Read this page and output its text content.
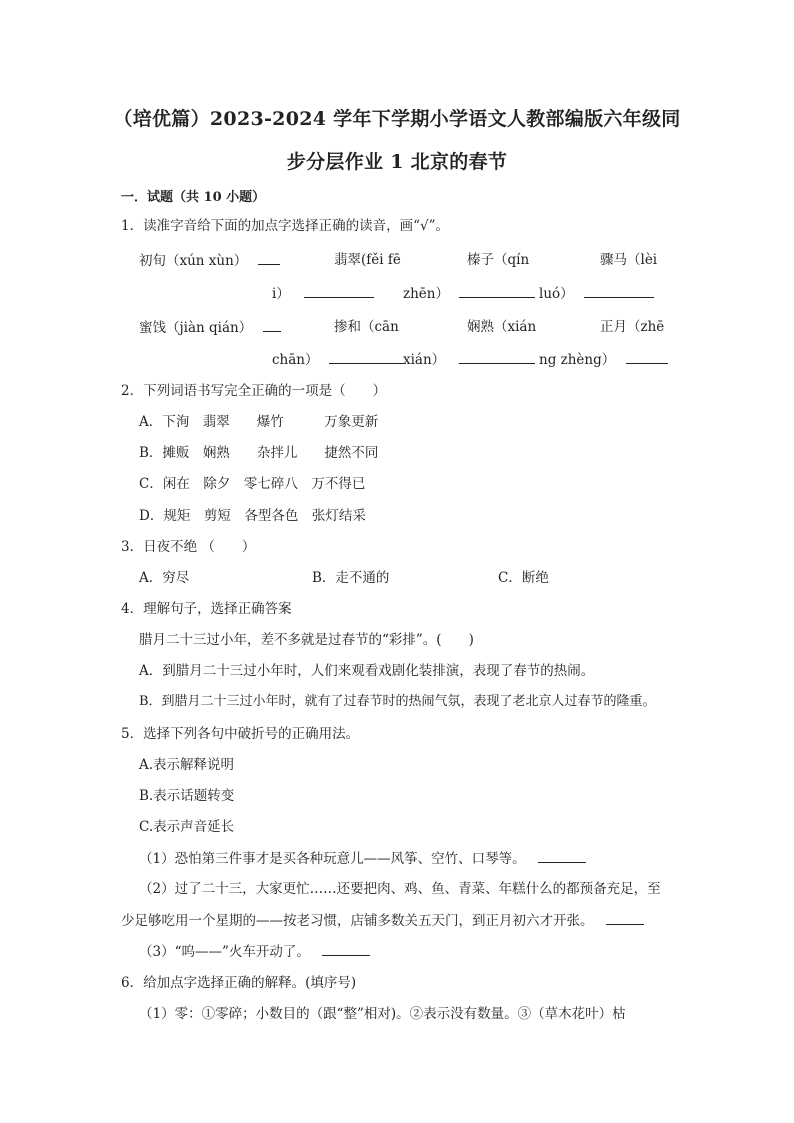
（培优篇）2023-2024 学年下学期小学语文人教部编版六年级同
步分层作业 1 北京的春节
一．试题（共 10 小题）
1．读准字音给下面的加点字选择正确的读音，画“√”。
初旬（xún xùn）	翡翠(fěi fē	榛子（qín	骤马（lèi
i）	zhēn）	luó）
蜜饯（jiàn qián）	掺和（cān	娴熟（xián	正月（zhē
chān）	xián）	ng zhèng）
2．下列词语书写完全正确的一项是（　　）
A．下洵　翡翠　　爆竹　　　万象更新
B．摊贩　娴熟　　杂拌儿　　捷然不同
C．闲在　除夕　零七碎八　万不得已
D．规矩　剪短　各型各色　张灯结采
3．日夜不绝 （　　）
A．穷尽	B．走不通的	C．断绝
4．理解句子，选择正确答案
腊月二十三过小年，差不多就是过春节的“彩排”。(　　)
A．到腊月二十三过小年时，人们来观看戏剧化装排演，表现了春节的热闹。
B．到腊月二十三过小年时，就有了过春节时的热闹气氛，表现了老北京人过春节的隆重。
5．选择下列各句中破折号的正确用法。
A.表示解释说明
B.表示话题转变
C.表示声音延长
（1）恐怕第三件事才是买各种玩意儿——风筝、空竹、口琴等。
（2）过了二十三，大家更忙……还要把肉、鸡、鱼、青菜、年糕什么的都预备充足，至
少足够吃用一个星期的——按老习惯，店铺多数关五天门，到正月初六才开张。
（3）“呜——”火车开动了。
6．给加点字选择正确的解释。(填序号)
（1）零：①零碎；小数目的（跟“整”相对)。②表示没有数量。③（草木花叶）枯
